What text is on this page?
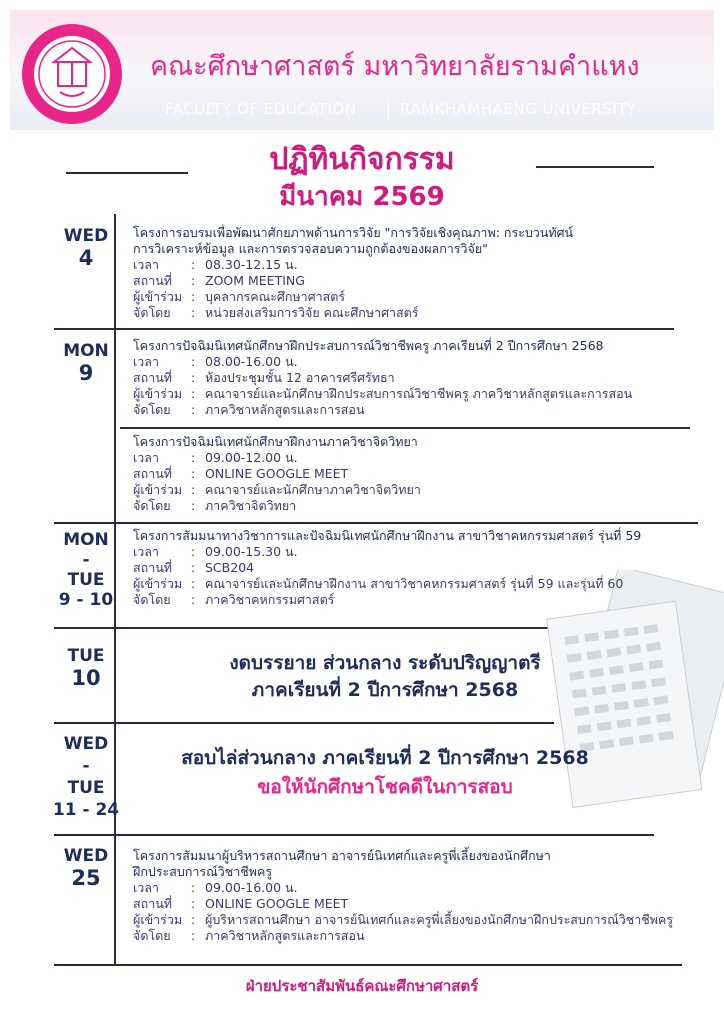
คณะศึกษาศาสตร์ มหาวิทยาลัยรามคำแหง
FACULTY OF EDUCATION	RAMKHAMHAENG UNIVERSITY
ปฏิทินกิจกรรม
มีนาคม 2569
WED
4
โครงการอบรมเพื่อพัฒนาศักยภาพด้านการวิจัย "การวิจัยเชิงคุณภาพ: กระบวนทัศน์
การวิเคราะห์ข้อมูล และการตรวจสอบความถูกต้องของผลการวิจัย"
เวลา	: 08.30-12.15 น.
สถานที่	: ZOOM MEETING
ผู้เข้าร่วม : บุคลากรคณะศึกษาศาสตร์
จัดโดย	: หน่วยส่งเสริมการวิจัย คณะศึกษาศาสตร์
MON
9
โครงการปัจฉิมนิเทศนักศึกษาฝึกประสบการณ์วิชาชีพครู ภาคเรียนที่ 2 ปีการศึกษา 2568
เวลา	: 08.00-16.00 น.
สถานที่	: ห้องประชุมชั้น 12 อาคารศรีศรัทธา
ผู้เข้าร่วม : คณาจารย์และนักศึกษาฝึกประสบการณ์วิชาชีพครู ภาควิชาหลักสูตรและการสอน
จัดโดย	: ภาควิชาหลักสูตรและการสอน
โครงการปัจฉิมนิเทศนักศึกษาฝึกงานภาควิชาจิตวิทยา
เวลา	: 09.00-12.00 น.
สถานที่	: ONLINE GOOGLE MEET
ผู้เข้าร่วม : คณาจารย์และนักศึกษาภาควิชาจิตวิทยา
จัดโดย	: ภาควิชาจิตวิทยา
MON
-
TUE
9 - 10
โครงการสัมมนาทางวิชาการและปัจฉิมนิเทศนักศึกษาฝึกงาน สาขาวิชาคหกรรมศาสตร์ รุ่นที่ 59
เวลา	: 09.00-15.30 น.
สถานที่	: SCB204
ผู้เข้าร่วม : คณาจารย์และนักศึกษาฝึกงาน สาขาวิชาคหกรรมศาสตร์ รุ่นที่ 59 และรุ่นที่ 60
จัดโดย	: ภาควิชาคหกรรมศาสตร์
TUE
10
งดบรรยาย ส่วนกลาง ระดับปริญญาตรี
ภาคเรียนที่ 2 ปีการศึกษา 2568
WED
-
TUE
11 - 24
สอบไล่ส่วนกลาง ภาคเรียนที่ 2 ปีการศึกษา 2568
ขอให้นักศึกษาโชคดีในการสอบ
WED
25
โครงการสัมมนาผู้บริหารสถานศึกษา อาจารย์นิเทศก์และครูพี่เลี้ยงของนักศึกษา
ฝึกประสบการณ์วิชาชีพครู
เวลา	: 09.00-16.00 น.
สถานที่	: ONLINE GOOGLE MEET
ผู้เข้าร่วม : ผู้บริหารสถานศึกษา อาจารย์นิเทศก์และครูพี่เลี้ยงของนักศึกษาฝึกประสบการณ์วิชาชีพครู
จัดโดย	: ภาควิชาหลักสูตรและการสอน
ฝ่ายประชาสัมพันธ์คณะศึกษาศาสตร์
